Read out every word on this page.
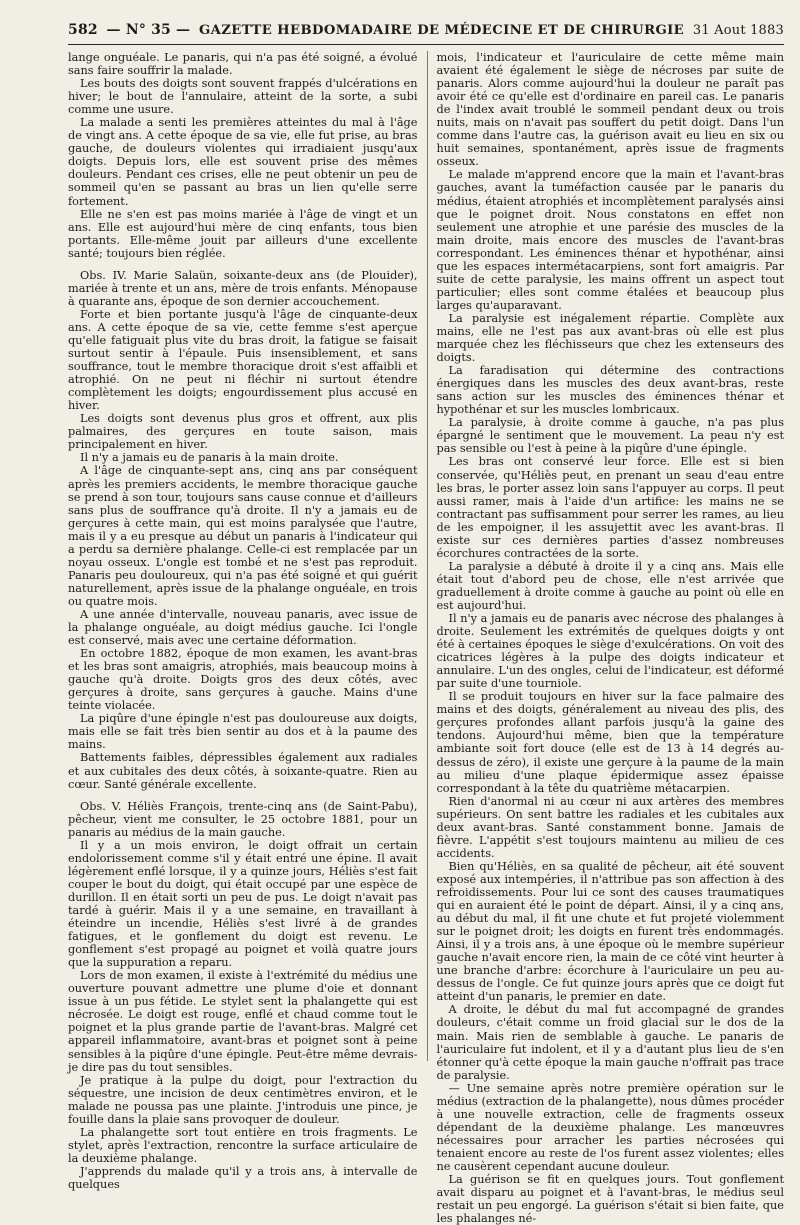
582 — N° 35 — GAZETTE HEBDOMADAIRE DE MÉDECINE ET DE CHIRURGIE 31 Aout 1883

lange onguéale. Le panaris, qui n'a pas été soigné, a évolué sans faire souffrir la malade.

Les bouts des doigts sont souvent frappés d'ulcérations en hiver; le bout de l'annulaire, atteint de la sorte, a subi comme une usure.

La malade a senti les premières atteintes du mal à l'âge de vingt ans. A cette époque de sa vie, elle fut prise, au bras gauche, de douleurs violentes qui irradiaient jusqu'aux doigts. Depuis lors, elle est souvent prise des mêmes douleurs. Pendant ces crises, elle ne peut obtenir un peu de sommeil qu'en se passant au bras un lien qu'elle serre fortement.

Elle ne s'en est pas moins mariée à l'âge de vingt et un ans. Elle est aujourd'hui mère de cinq enfants, tous bien portants. Elle-même jouit par ailleurs d'une excellente santé; toujours bien réglée.

Obs. IV. Marie Salaün, soixante-deux ans (de Plouider), mariée à trente et un ans, mère de trois enfants. Ménopause à quarante ans, époque de son dernier accouchement.

Forte et bien portante jusqu'à l'âge de cinquante-deux ans. A cette époque de sa vie, cette femme s'est aperçue qu'elle fatiguait plus vite du bras droit, la fatigue se faisait surtout sentir à l'épaule. Puis insensiblement, et sans souffrance, tout le membre thoracique droit s'est affaibli et atrophié. On ne peut ni fléchir ni surtout étendre complètement les doigts; engourdissement plus accusé en hiver.

Les doigts sont devenus plus gros et offrent, aux plis palmaires, des gerçures en toute saison, mais principalement en hiver.

Il n'y a jamais eu de panaris à la main droite.

A l'âge de cinquante-sept ans, cinq ans par conséquent après les premiers accidents, le membre thoracique gauche se prend à son tour, toujours sans cause connue et d'ailleurs sans plus de souffrance qu'à droite. Il n'y a jamais eu de gerçures à cette main, qui est moins paralysée que l'autre, mais il y a eu presque au début un panaris à l'indicateur qui a perdu sa dernière phalange. Celle-ci est remplacée par un noyau osseux. L'ongle est tombé et ne s'est pas reproduit. Panaris peu douloureux, qui n'a pas été soigné et qui guérit naturellement, après issue de la phalange onguéale, en trois ou quatre mois.

A une année d'intervalle, nouveau panaris, avec issue de la phalange onguéale, au doigt médius gauche. Ici l'ongle est conservé, mais avec une certaine déformation.

En octobre 1882, époque de mon examen, les avant-bras et les bras sont amaigris, atrophiés, mais beaucoup moins à gauche qu'à droite. Doigts gros des deux côtés, avec gerçures à droite, sans gerçures à gauche. Mains d'une teinte violacée.

La piqûre d'une épingle n'est pas douloureuse aux doigts, mais elle se fait très bien sentir au dos et à la paume des mains.

Battements faibles, dépressibles également aux radiales et aux cubitales des deux côtés, à soixante-quatre. Rien au cœur. Santé générale excellente.

Obs. V. Héliès François, trente-cinq ans (de Saint-Pabu), pêcheur, vient me consulter, le 25 octobre 1881, pour un panaris au médius de la main gauche.

Il y a un mois environ, le doigt offrait un certain endolorissement comme s'il y était entré une épine. Il avait légèrement enflé lorsque, il y a quinze jours, Héliès s'est fait couper le bout du doigt, qui était occupé par une espèce de durillon. Il en était sorti un peu de pus. Le doigt n'avait pas tardé à guérir. Mais il y a une semaine, en travaillant à éteindre un incendie, Héliès s'est livré à de grandes fatigues, et le gonflement du doigt est revenu. Le gonflement s'est propagé au poignet et voilà quatre jours que la suppuration a reparu.

Lors de mon examen, il existe à l'extrémité du médius une ouverture pouvant admettre une plume d'oie et donnant issue à un pus fétide. Le stylet sent la phalangette qui est nécrosée. Le doigt est rouge, enflé et chaud comme tout le poignet et la plus grande partie de l'avant-bras. Malgré cet appareil inflammatoire, avant-bras et poignet sont à peine sensibles à la piqûre d'une épingle. Peut-être même devrais-je dire pas du tout sensibles.

Je pratique à la pulpe du doigt, pour l'extraction du séquestre, une incision de deux centimètres environ, et le malade ne poussa pas une plainte. J'introduis une pince, je fouille dans la plaie sans provoquer de douleur.

La phalangette sort tout entière en trois fragments. Le stylet, après l'extraction, rencontre la surface articulaire de la deuxième phalange.

J'apprends du malade qu'il y a trois ans, à intervalle de quelques

mois, l'indicateur et l'auriculaire de cette même main avaient été également le siège de nécroses par suite de panaris. Alors comme aujourd'hui la douleur ne paraît pas avoir été ce qu'elle est d'ordinaire en pareil cas. Le panaris de l'index avait troublé le sommeil pendant deux ou trois nuits, mais on n'avait pas souffert du petit doigt. Dans l'un comme dans l'autre cas, la guérison avait eu lieu en six ou huit semaines, spontanément, après issue de fragments osseux.

Le malade m'apprend encore que la main et l'avant-bras gauches, avant la tuméfaction causée par le panaris du médius, étaient atrophiés et incomplètement paralysés ainsi que le poignet droit. Nous constatons en effet non seulement une atrophie et une parésie des muscles de la main droite, mais encore des muscles de l'avant-bras correspondant. Les éminences thénar et hypothénar, ainsi que les espaces intermétacarpiens, sont fort amaigris. Par suite de cette paralysie, les mains offrent un aspect tout particulier; elles sont comme étalées et beaucoup plus larges qu'auparavant.

La paralysie est inégalement répartie. Complète aux mains, elle ne l'est pas aux avant-bras où elle est plus marquée chez les fléchisseurs que chez les extenseurs des doigts.

La faradisation qui détermine des contractions énergiques dans les muscles des deux avant-bras, reste sans action sur les muscles des éminences thénar et hypothénar et sur les muscles lombricaux.

La paralysie, à droite comme à gauche, n'a pas plus épargné le sentiment que le mouvement. La peau n'y est pas sensible ou l'est à peine à la piqûre d'une épingle.

Les bras ont conservé leur force. Elle est si bien conservée, qu'Héliès peut, en prenant un seau d'eau entre les bras, le porter assez loin sans l'appuyer au corps. Il peut aussi ramer, mais à l'aide d'un artifice: les mains ne se contractant pas suffisamment pour serrer les rames, au lieu de les empoigner, il les assujettit avec les avant-bras. Il existe sur ces dernières parties d'assez nombreuses écorchures contractées de la sorte.

La paralysie a débuté à droite il y a cinq ans. Mais elle était tout d'abord peu de chose, elle n'est arrivée que graduellement à droite comme à gauche au point où elle en est aujourd'hui.

Il n'y a jamais eu de panaris avec nécrose des phalanges à droite. Seulement les extrémités de quelques doigts y ont été à certaines époques le siège d'exulcérations. On voit des cicatrices légères à la pulpe des doigts indicateur et annulaire. L'un des ongles, celui de l'indicateur, est déformé par suite d'une tourniole.

Il se produit toujours en hiver sur la face palmaire des mains et des doigts, généralement au niveau des plis, des gerçures profondes allant parfois jusqu'à la gaine des tendons. Aujourd'hui même, bien que la température ambiante soit fort douce (elle est de 13 à 14 degrés au-dessus de zéro), il existe une gerçure à la paume de la main au milieu d'une plaque épidermique assez épaisse correspondant à la tête du quatrième métacarpien.

Rien d'anormal ni au cœur ni aux artères des membres supérieurs. On sent battre les radiales et les cubitales aux deux avant-bras. Santé constamment bonne. Jamais de fièvre. L'appétit s'est toujours maintenu au milieu de ces accidents.

Bien qu'Héliès, en sa qualité de pêcheur, ait été souvent exposé aux intempéries, il n'attribue pas son affection à des refroidissements. Pour lui ce sont des causes traumatiques qui en auraient été le point de départ. Ainsi, il y a cinq ans, au début du mal, il fit une chute et fut projeté violemment sur le poignet droit; les doigts en furent très endommagés. Ainsi, il y a trois ans, à une époque où le membre supérieur gauche n'avait encore rien, la main de ce côté vint heurter à une branche d'arbre: écorchure à l'auriculaire un peu au-dessus de l'ongle. Ce fut quinze jours après que ce doigt fut atteint d'un panaris, le premier en date.

A droite, le début du mal fut accompagné de grandes douleurs, c'était comme un froid glacial sur le dos de la main. Mais rien de semblable à gauche. Le panaris de l'auriculaire fut indolent, et il y a d'autant plus lieu de s'en étonner qu'à cette époque la main gauche n'offrait pas trace de paralysie.

— Une semaine après notre première opération sur le médius (extraction de la phalangette), nous dûmes procéder à une nouvelle extraction, celle de fragments osseux dépendant de la deuxième phalange. Les manœuvres nécessaires pour arracher les parties nécrosées qui tenaient encore au reste de l'os furent assez violentes; elles ne causèrent cependant aucune douleur.

La guérison se fit en quelques jours. Tout gonflement avait disparu au poignet et à l'avant-bras, le médius seul restait un peu engorgé. La guérison s'était si bien faite, que les phalanges né-
